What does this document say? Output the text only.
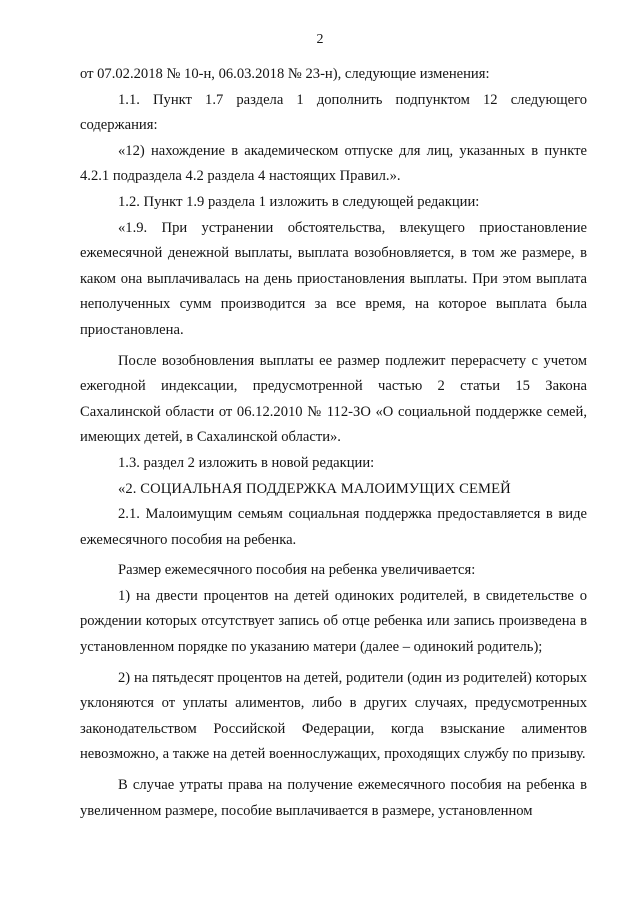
2

от 07.02.2018 № 10-н, 06.03.2018 № 23-н), следующие изменения:

1.1. Пункт 1.7 раздела 1 дополнить подпунктом 12 следующего содержания:

«12) нахождение в академическом отпуске для лиц, указанных в пункте 4.2.1 подраздела 4.2 раздела 4 настоящих Правил.».

1.2. Пункт 1.9 раздела 1 изложить в следующей редакции:

«1.9. При устранении обстоятельства, влекущего приостановление ежемесячной денежной выплаты, выплата возобновляется, в том же размере, в каком она выплачивалась на день приостановления выплаты. При этом выплата неполученных сумм производится за все время, на которое выплата была приостановлена.

После возобновления выплаты ее размер подлежит перерасчету с учетом ежегодной индексации, предусмотренной частью 2 статьи 15 Закона Сахалинской области от 06.12.2010 № 112-ЗО «О социальной поддержке семей, имеющих детей, в Сахалинской области».

1.3. раздел 2 изложить в новой редакции:

«2. СОЦИАЛЬНАЯ ПОДДЕРЖКА МАЛОИМУЩИХ СЕМЕЙ

2.1. Малоимущим семьям социальная поддержка предоставляется в виде ежемесячного пособия на ребенка.

Размер ежемесячного пособия на ребенка увеличивается:

1) на двести процентов на детей одиноких родителей, в свидетельстве о рождении которых отсутствует запись об отце ребенка или запись произведена в установленном порядке по указанию матери (далее – одинокий родитель);

2) на пятьдесят процентов на детей, родители (один из родителей) которых уклоняются от уплаты алиментов, либо в других случаях, предусмотренных законодательством Российской Федерации, когда взыскание алиментов невозможно, а также на детей военнослужащих, проходящих службу по призыву.

В случае утраты права на получение ежемесячного пособия на ребенка в увеличенном размере, пособие выплачивается в размере, установленном
